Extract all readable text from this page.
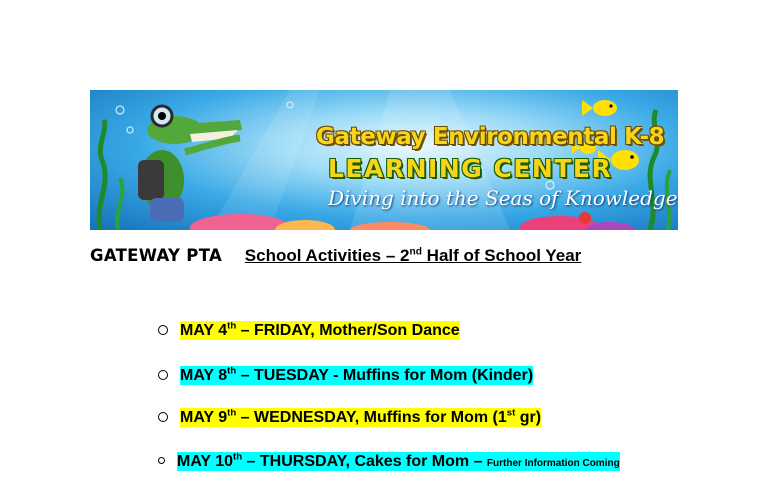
Gateway Environmental K-8
LEARNING CENTER
Diving into the Seas of Knowledge
GATEWAY PTA School Activities – 2nd Half of School Year
MAY 4th – FRIDAY, Mother/Son Dance
MAY 8th – TUESDAY - Muffins for Mom (Kinder)
MAY 9th – WEDNESDAY, Muffins for Mom (1st gr)
MAY 10th – THURSDAY, Cakes for Mom – Further Information Coming
